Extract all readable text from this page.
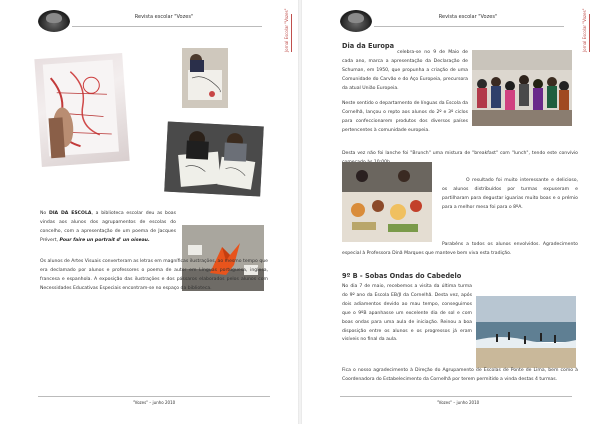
Revista escolar "Vozes"	Jornal Escolar "Vozes"
No DIA DA ESCOLA, a biblioteca escolar deu as boas vindas aos alunos dos agrupamentos de escolas do concelho, com a apresentação de um poema de Jacques Prévert, Pour faire un portrait d' un oiseau.
Os alunos de Artes Visuais converteram as letras em magníficas ilustrações, ao mesmo tempo que era declamado por alunos e professores o poema de autor em Línguas portuguesa, inglesa, francesa e espanhola. A exposição das ilustrações e dos pássaros elaborados pelos alunos com Necessidades Educativas Especiais encontram-se no espaço da biblioteca.
"Vozes" – junho 2010
Revista escolar "Vozes"	Jornal Escolar "Vozes"
Dia da Europa
celebra-se no 9 de Maio de cada ano, marca a apresentação da Declaração de Schuman, em 1950, que propunha a criação de uma Comunidade do Carvão e do Aço Europeia, precursora da atual União Europeia.
Neste sentido o departamento de línguas da Escola da Cornelhã, lançou o repto aos alunos do 2º e 3º ciclos para confeccionarem produtos dos diversos países pertencentes à comunidade europeia.
Desta vez não foi lanche foi "Brunch" uma mistura de "breakfast" com "lunch", tendo este convívio
O resultado foi muito interessante e delicioso, os alunos distribuídos por turmas expuseram e partilharam para degustar iguarias muito boas e o prémio para a melhor mesa foi para o 8ºA.
Parabéns a todos os alunos envolvidos. Agradecimento especial à Professora Dinã Marques que manteve bem viva esta tradição.
9º B - Sobas Ondas do Cabedelo
No dia 7 de maio, recebemos a visita da última turma do 9º ano da Escola EB/JI da Cornelhã. Desta vez, após dois adiamentos devido ao mau tempo, conseguimos que o 9ºB apanhasse um excelente dia de sol e com boas ondas para uma aula de iniciação. Reinou a boa disposição entre os alunos e os progressos já eram visíveis no final da aula.
Fica o nosso agradecimento à Direção do Agrupamento de Escolas de Ponte de Lima, bem como à Coordenadora do Estabelecimento da Cornelhã por terem permitido a vinda destas 4 turmas.
"Vozes" – junho 2010
